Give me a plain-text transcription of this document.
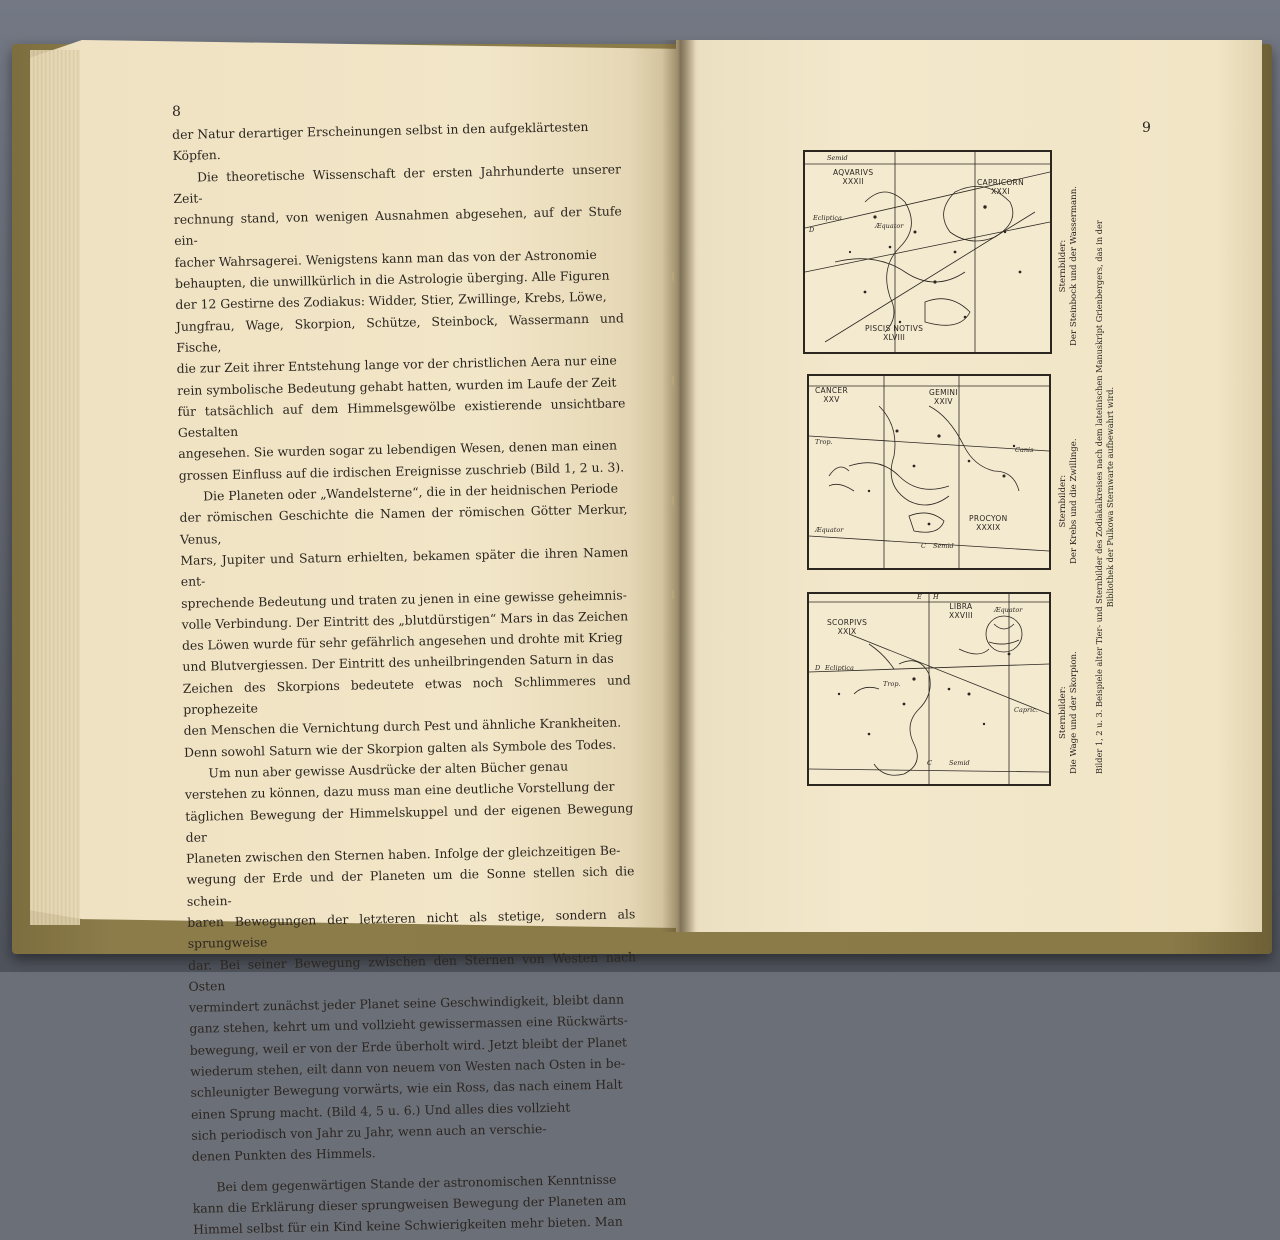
8

der Natur derartiger Erscheinungen selbst in den aufgeklärtesten

Köpfen.

Die theoretische Wissenschaft der ersten Jahrhunderte unserer Zeit-

rechnung stand, von wenigen Ausnahmen abgesehen, auf der Stufe ein-

facher Wahrsagerei. Wenigstens kann man das von der Astronomie

behaupten, die unwillkürlich in die Astrologie überging. Alle Figuren

der 12 Gestirne des Zodiakus: Widder, Stier, Zwillinge, Krebs, Löwe,

Jungfrau, Wage, Skorpion, Schütze, Steinbock, Wassermann und Fische,

die zur Zeit ihrer Entstehung lange vor der christlichen Aera nur eine

rein symbolische Bedeutung gehabt hatten, wurden im Laufe der Zeit

für tatsächlich auf dem Himmelsgewölbe existierende unsichtbare Gestalten

angesehen. Sie wurden sogar zu lebendigen Wesen, denen man einen

grossen Einfluss auf die irdischen Ereignisse zuschrieb (Bild 1, 2 u. 3).

Die Planeten oder „Wandelsterne“, die in der heidnischen Periode

der römischen Geschichte die Namen der römischen Götter Merkur, Venus,

Mars, Jupiter und Saturn erhielten, bekamen später die ihren Namen ent-

sprechende Bedeutung und traten zu jenen in eine gewisse geheimnis-

volle Verbindung. Der Eintritt des „blutdürstigen“ Mars in das Zeichen

des Löwen wurde für sehr gefährlich angesehen und drohte mit Krieg

und Blutvergiessen. Der Eintritt des unheilbringenden Saturn in das

Zeichen des Skorpions bedeutete etwas noch Schlimmeres und prophezeite

den Menschen die Vernichtung durch Pest und ähnliche Krankheiten.

Denn sowohl Saturn wie der Skorpion galten als Symbole des Todes.

Um nun aber gewisse Ausdrücke der alten Bücher genau

verstehen zu können, dazu muss man eine deutliche Vorstellung der

täglichen Bewegung der Himmelskuppel und der eigenen Bewegung der

Planeten zwischen den Sternen haben. Infolge der gleichzeitigen Be-

wegung der Erde und der Planeten um die Sonne stellen sich die schein-

baren Bewegungen der letzteren nicht als stetige, sondern als sprungweise

dar. Bei seiner Bewegung zwischen den Sternen von Westen nach Osten

vermindert zunächst jeder Planet seine Geschwindigkeit, bleibt dann

ganz stehen, kehrt um und vollzieht gewissermassen eine Rückwärts-

bewegung, weil er von der Erde überholt wird. Jetzt bleibt der Planet

wiederum stehen, eilt dann von neuem von Westen nach Osten in be-

schleunigter Bewegung vorwärts, wie ein Ross, das nach einem Halt

einen Sprung macht. (Bild 4, 5 u. 6.) Und alles dies vollzieht

sich periodisch von Jahr zu Jahr, wenn auch an verschie-

denen Punkten des Himmels.

Bei dem gegenwärtigen Stande der astronomischen Kenntnisse

kann die Erklärung dieser sprungweisen Bewegung der Planeten am

Himmel selbst für ein Kind keine Schwierigkeiten mehr bieten. Man

9
AQVARIVS
XXXII	CAPRICORN
XXXI
PISCIS NOTIVS
XLVIII
Semid
Æquator
Ecliptica
D
CANCER
XXV
GEMINI
XXIV
PROCYON
XXXIX
Trop.
Canis
Æquator
C Semid
SCORPIVS
XXIX
LIBRA
XXVIII
E H
Æquator
D Ecliptica
Trop.
Capric.
C	Semid
Sternbilder: Der Steinbock und der Wassermann.
Sternbilder: Der Krebs und die Zwillinge.
Sternbilder: Die Wage und der Skorpion. Bilder 1, 2 u. 3. Beispiele alter Tier- und Sternbilder des Zodiakalkreises nach dem lateinischen Manuskript Grienbergers, das in der Bibliothek der Pulkowa Sternwarte aufbewahrt wird.
